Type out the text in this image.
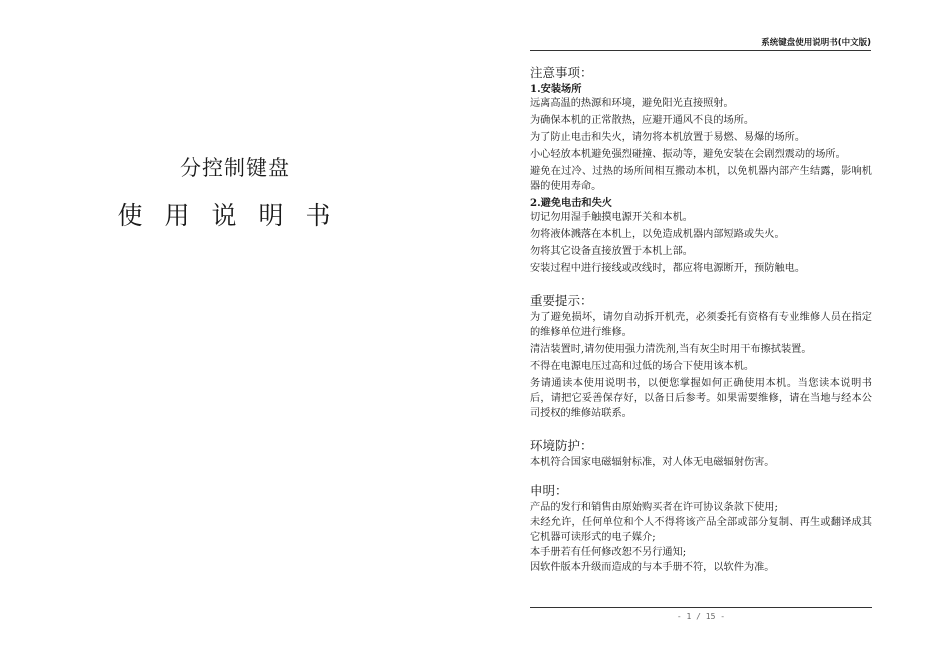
分控制键盘
使用说明书
系统键盘使用说明书(中文版)
注意事项：
1.安装场所

远离高温的热源和环境，避免阳光直接照射。

为确保本机的正常散热，应避开通风不良的场所。

为了防止电击和失火，请勿将本机放置于易燃、易爆的场所。

小心轻放本机避免强烈碰撞、振动等，避免安装在会剧烈震动的场所。

避免在过冷、过热的场所间相互搬动本机，以免机器内部产生结露，影响机器的使用寿命。

2.避免电击和失火

切记勿用湿手触摸电源开关和本机。

勿将液体溅落在本机上，以免造成机器内部短路或失火。

勿将其它设备直接放置于本机上部。

安装过程中进行接线或改线时，都应将电源断开，预防触电。

重要提示：

为了避免损坏，请勿自动拆开机壳，必须委托有资格有专业维修人员在指定的维修单位进行维修。

清洁装置时,请勿使用强力清洗剂,当有灰尘时用干布擦拭装置。

不得在电源电压过高和过低的场合下使用该本机。

务请通读本使用说明书，以便您掌握如何正确使用本机。当您读本说明书后，请把它妥善保存好，以备日后参考。如果需要维修，请在当地与经本公司授权的维修站联系。

环境防护：

本机符合国家电磁辐射标准，对人体无电磁辐射伤害。

申明：

产品的发行和销售由原始购买者在许可协议条款下使用;

未经允许，任何单位和个人不得将该产品全部或部分复制、再生或翻译成其它机器可读形式的电子媒介;

本手册若有任何修改恕不另行通知;

因软件版本升级而造成的与本手册不符，以软件为准。

- 1 / 15 -
